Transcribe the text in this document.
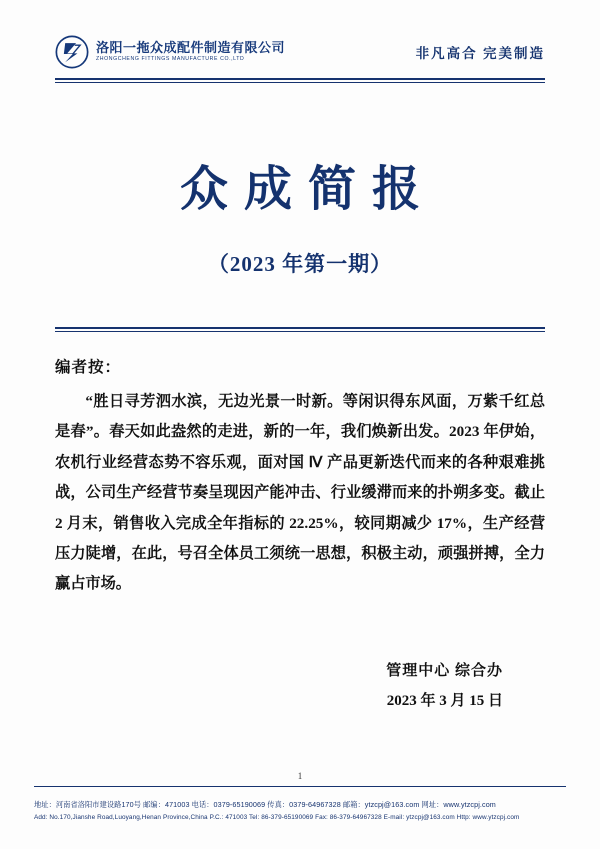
洛阳一拖众成配件制造有限公司
ZHONGCHENG FITTINGS MANUFACTURE CO.,LTD	非凡高合 完美制造
众成简报
（2023 年第一期）
编者按：
“胜日寻芳泗水滨，无边光景一时新。等闲识得东风面，万紫千红总是春”。春天如此盎然的走进，新的一年，我们焕新出发。2023 年伊始，农机行业经营态势不容乐观，面对国 Ⅳ 产品更新迭代而来的各种艰难挑战，公司生产经营节奏呈现因产能冲击、行业缓滞而来的扑朔多变。截止 2 月末，销售收入完成全年指标的 22.25%，较同期减少 17%，生产经营压力陡增，在此，号召全体员工须统一思想，积极主动，顽强拼搏，全力赢占市场。
管理中心 综合办
2023 年 3 月 15 日
1
地址：河南省洛阳市建设路170号 邮编：471003 电话：0379-65190069 传真：0379-64967328 邮箱：ytzcpj@163.com 网址：www.ytzcpj.com
Add: No.170,Jianshe Road,Luoyang,Henan Province,China P.C.: 471003 Tel: 86-379-65190069 Fax: 86-379-64967328 E-mail: ytzcpj@163.com Http: www.ytzcpj.com
